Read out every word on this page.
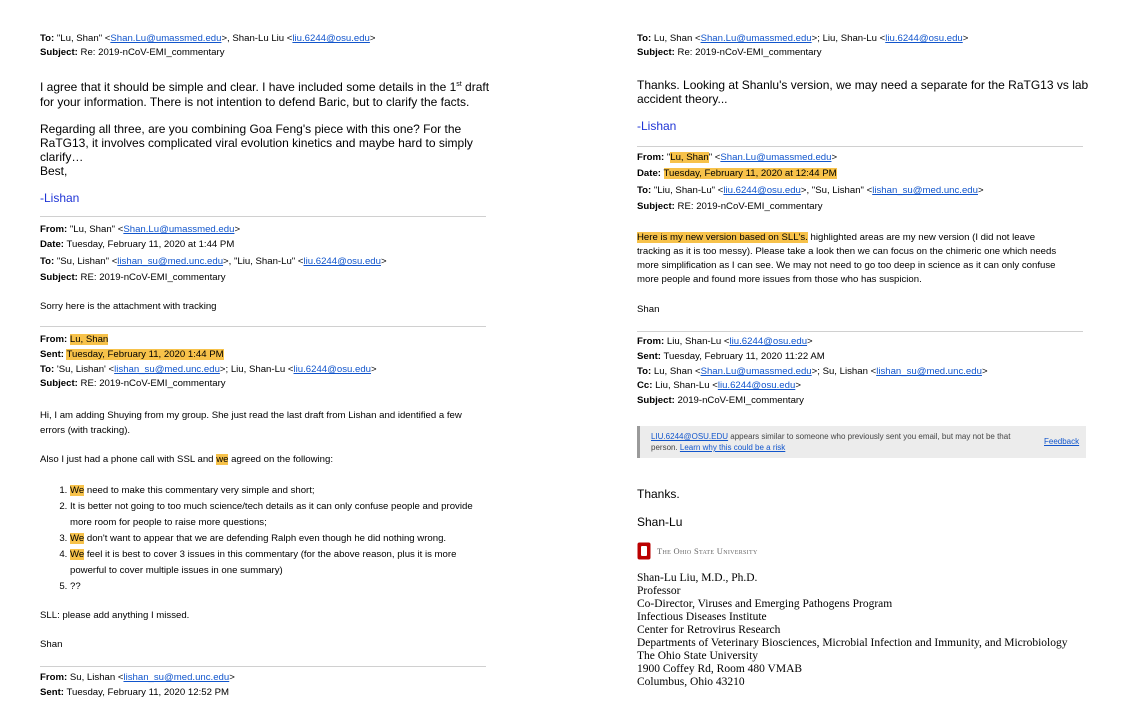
To: "Lu, Shan" <Shan.Lu@umassmed.edu>, Shan-Lu Liu <liu.6244@osu.edu>
Subject: Re: 2019-nCoV-EMI_commentary
I agree that it should be simple and clear. I have included some details in the 1st draft
for your information. There is not intention to defend Baric, but to clarify the facts.
Regarding all three, are you combining Goa Feng's piece with this one? For the
RaTG13, it involves complicated viral evolution kinetics and maybe hard to simply
clarify…
Best,
-Lishan
From: "Lu, Shan" <Shan.Lu@umassmed.edu>
Date: Tuesday, February 11, 2020 at 1:44 PM
To: "Su, Lishan" <lishan_su@med.unc.edu>, "Liu, Shan-Lu" <liu.6244@osu.edu>
Subject: RE: 2019-nCoV-EMI_commentary
Sorry here is the attachment with tracking
From: Lu, Shan
Sent: Tuesday, February 11, 2020 1:44 PM
To: 'Su, Lishan' <lishan_su@med.unc.edu>; Liu, Shan-Lu <liu.6244@osu.edu>
Subject: RE: 2019-nCoV-EMI_commentary
Hi, I am adding Shuying from my group. She just read the last draft from Lishan and identified a few
errors (with tracking).
Also I just had a phone call with SSL and we agreed on the following:
1. We need to make this commentary very simple and short;
2. It is better not going to too much science/tech details as it can only confuse people and provide more room for people to raise more questions;
3. We don't want to appear that we are defending Ralph even though he did nothing wrong.
4. We feel it is best to cover 3 issues in this commentary (for the above reason, plus it is more powerful to cover multiple issues in one summary)
5. ??
SLL: please add anything I missed.
Shan
From: Su, Lishan <lishan_su@med.unc.edu>
Sent: Tuesday, February 11, 2020 12:52 PM
To: Lu, Shan <Shan.Lu@umassmed.edu>; Liu, Shan-Lu <liu.6244@osu.edu>
Subject: Re: 2019-nCoV-EMI_commentary
Thanks. Looking at Shanlu's version, we may need a separate for the RaTG13 vs lab
accident theory...
-Lishan
From: "Lu, Shan" <Shan.Lu@umassmed.edu>
Date: Tuesday, February 11, 2020 at 12:44 PM
To: "Liu, Shan-Lu" <liu.6244@osu.edu>, "Su, Lishan" <lishan_su@med.unc.edu>
Subject: RE: 2019-nCoV-EMI_commentary
Here is my new version based on SLL's. highlighted areas are my new version (I did not leave
tracking as it is too messy). Please take a look then we can focus on the chimeric one which needs
more simplification as I can see. We may not need to go too deep in science as it can only confuse
more people and found more issues from those who has suspicion.
Shan
From: Liu, Shan-Lu <liu.6244@osu.edu>
Sent: Tuesday, February 11, 2020 11:22 AM
To: Lu, Shan <Shan.Lu@umassmed.edu>; Su, Lishan <lishan_su@med.unc.edu>
Cc: Liu, Shan-Lu <liu.6244@osu.edu>
Subject: 2019-nCoV-EMI_commentary
LIU.6244@OSU.EDU appears similar to someone who previously sent you email, but may not be that
person. Learn why this could be a risk
Feedback
Thanks.
Shan-Lu
The Ohio State University
Shan-Lu Liu, M.D., Ph.D.
Professor
Co-Director, Viruses and Emerging Pathogens Program
Infectious Diseases Institute
Center for Retrovirus Research
Departments of Veterinary Biosciences, Microbial Infection and Immunity, and Microbiology
The Ohio State University
1900 Coffey Rd, Room 480 VMAB
Columbus, Ohio 43210
